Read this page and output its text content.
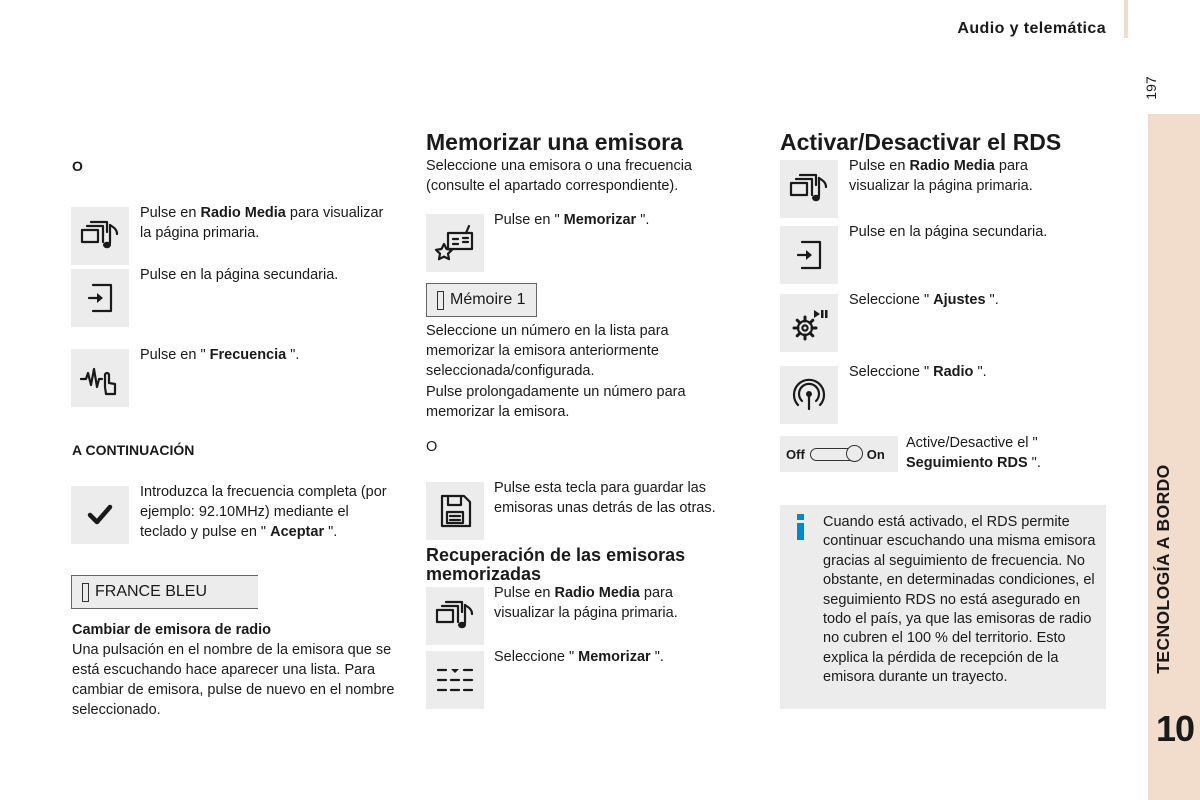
Audio y telemática
197
TECNOLOGÍA A BORDO
10
O
Pulse en Radio Media para visualizar la página primaria.
Pulse en la página secundaria.
Pulse en " Frecuencia ".
A CONTINUACIÓN
Introduzca la frecuencia completa (por ejemplo: 92.10MHz) mediante el teclado y pulse en " Aceptar ".
FRANCE BLEU
Cambiar de emisora de radio
Una pulsación en el nombre de la emisora que se está escuchando hace aparecer una lista. Para cambiar de emisora, pulse de nuevo en el nombre seleccionado.
Memorizar una emisora
Seleccione una emisora o una frecuencia (consulte el apartado correspondiente).
Pulse en " Memorizar ".
Mémoire 1
Seleccione un número en la lista para memorizar la emisora anteriormente seleccionada/configurada.
Pulse prolongadamente un número para memorizar la emisora.
O
Pulse esta tecla para guardar las emisoras unas detrás de las otras.
Recuperación de las emisoras memorizadas
Pulse en Radio Media para visualizar la página primaria.
Seleccione " Memorizar ".
Activar/Desactivar el RDS
Pulse en Radio Media para visualizar la página primaria.
Pulse en la página secundaria.
Seleccione " Ajustes ".
Seleccione " Radio ".
Off	On
Active/Desactive el " Seguimiento RDS ".
Cuando está activado, el RDS permite continuar escuchando una misma emisora gracias al seguimiento de frecuencia. No obstante, en determinadas condiciones, el seguimiento RDS no está asegurado en todo el país, ya que las emisoras de radio no cubren el 100 % del territorio. Esto explica la pérdida de recepción de la emisora durante un trayecto.
